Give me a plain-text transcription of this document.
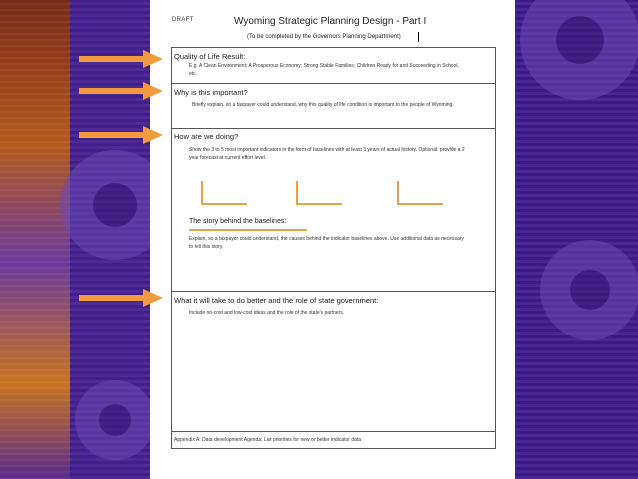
DRAFT	Wyoming Strategic Planning Design - Part I
(To be completed by the Governors Planning Department)
Quality of Life Result:
E.g. A Clean Environment; A Prosperous Economy; Strong Stable Families; Children Ready for and Succeeding in School, etc.
Why is this important?
Briefly explain, so a taxpayer could understand, why this quality of life condition is important to the people of Wyoming.
How are we doing?
Show the 3 to 5 most important indicators in the form of baselines with at least 3 years of actual history. Optional: provide a 2 year forecast at current effort level.
The story behind the baselines:
Explain, so a taxpayer could understand, the causes behind the indicator baselines above. Use additional data as necessary to tell this story.
What it will take to do better and the role of state government:
Include no-cost and low-cost ideas and the role of the state's partners.
Appendix A: Data development Agenda: List priorities for new or better indicator data
